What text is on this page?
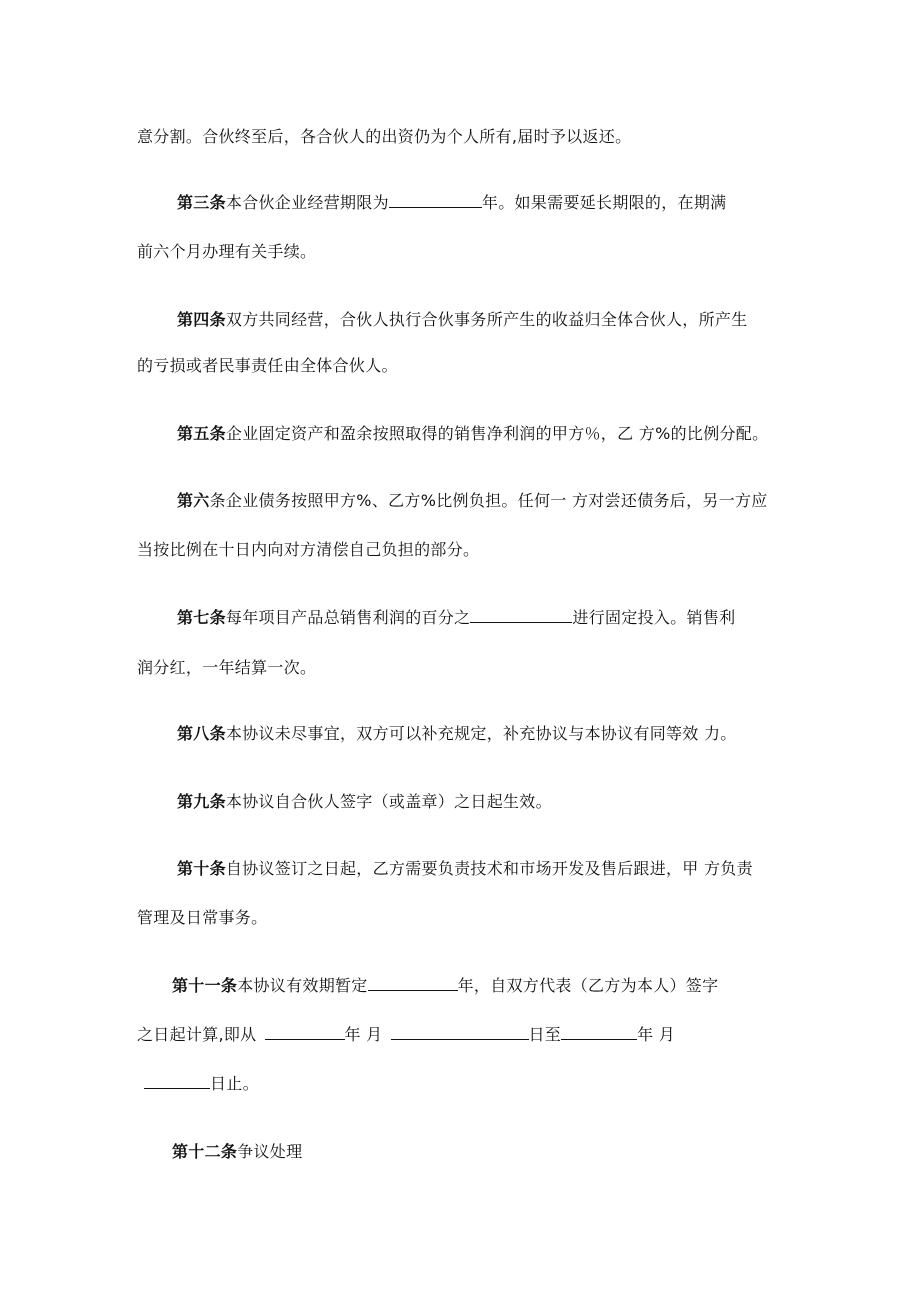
意分割。合伙终至后，各合伙人的出资仍为个人所有,届时予以返还。
第三条本合伙企业经营期限为	年。如果需要延长期限的，在期满
前六个月办理有关手续。
第四条双方共同经营，合伙人执行合伙事务所产生的收益归全体合伙人，所产生
的亏损或者民事责任由全体合伙人。
第五条企业固定资产和盈余按照取得的销售净利润的甲方％，乙 方%的比例分配。
第六条企业债务按照甲方%、乙方%比例负担。任何一 方对尝还债务后，另一方应
当按比例在十日内向对方清偿自己负担的部分。
第七条每年项目产品总销售利润的百分之	进行固定投入。销售利
润分红，一年结算一次。
第八条本协议未尽事宜，双方可以补充规定，补充协议与本协议有同等效 力。
第九条本协议自合伙人签字（或盖章）之日起生效。
第十条自协议签订之日起，乙方需要负责技术和市场开发及售后跟进，甲 方负责
管理及日常事务。
第十一条本协议有效期暂定	年，自双方代表（乙方为本人）签字
之日起计算,即从	年 月	日至	年 月
日止。
第十二条争议处理
